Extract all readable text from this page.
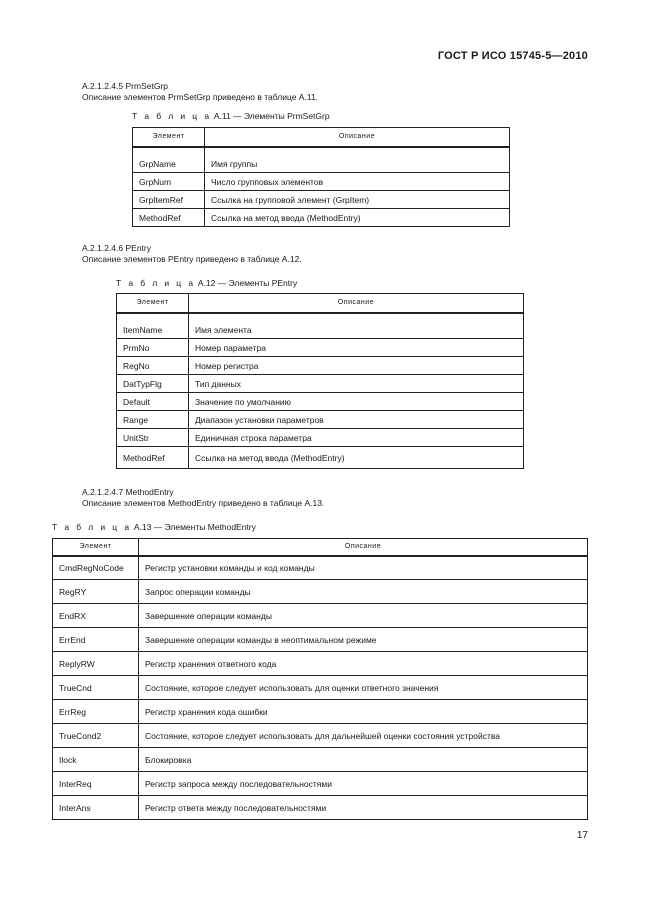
ГОСТ Р ИСО 15745-5—2010
A.2.1.2.4.5 PrmSetGrp
Описание элементов PrmSetGrp приведено в таблице A.11.
Т а б л и ц а A.11 — Элементы PrmSetGrp
Элемент	Описание
GrpName	Имя группы
GrpNum	Число групповых элементов
GrpItemRef	Ссылка на групповой элемент (GrpItem)
MethodRef	Ссылка на метод ввода (MethodEntry)
A.2.1.2.4.6 PEntry
Описание элементов PEntry приведено в таблице A.12.
Т а б л и ц а A.12 — Элементы PEntry
Элемент	Описание
ItemName	Имя элемента
PrmNo	Номер параметра
RegNo	Номер регистра
DatTypFlg	Тип данных
Default	Значение по умолчанию
Range	Диапазон установки параметров
UnitStr	Единичная строка параметра
MethodRef	Ссылка на метод ввода (MethodEntry)
A.2.1.2.4.7 MethodEntry
Описание элементов MethodEntry приведено в таблице A.13.
Т а б л и ц а A.13 — Элементы MethodEntry
Элемент	Описание
CmdRegNoCode	Регистр установки команды и код команды
RegRY	Запрос операции команды
EndRX	Завершение операции команды
ErrEnd	Завершение операции команды в неоптимальном режиме
ReplyRW	Регистр хранения ответного кода
TrueCnd	Состояние, которое следует использовать для оценки ответного значения
ErrReg	Регистр хранения кода ошибки
TrueCond2	Состояние, которое следует использовать для дальнейшей оценки состояния устройства
Ilock	Блокировка
InterReq	Регистр запроса между последовательностями
InterAns	Регистр ответа между последовательностями
17
